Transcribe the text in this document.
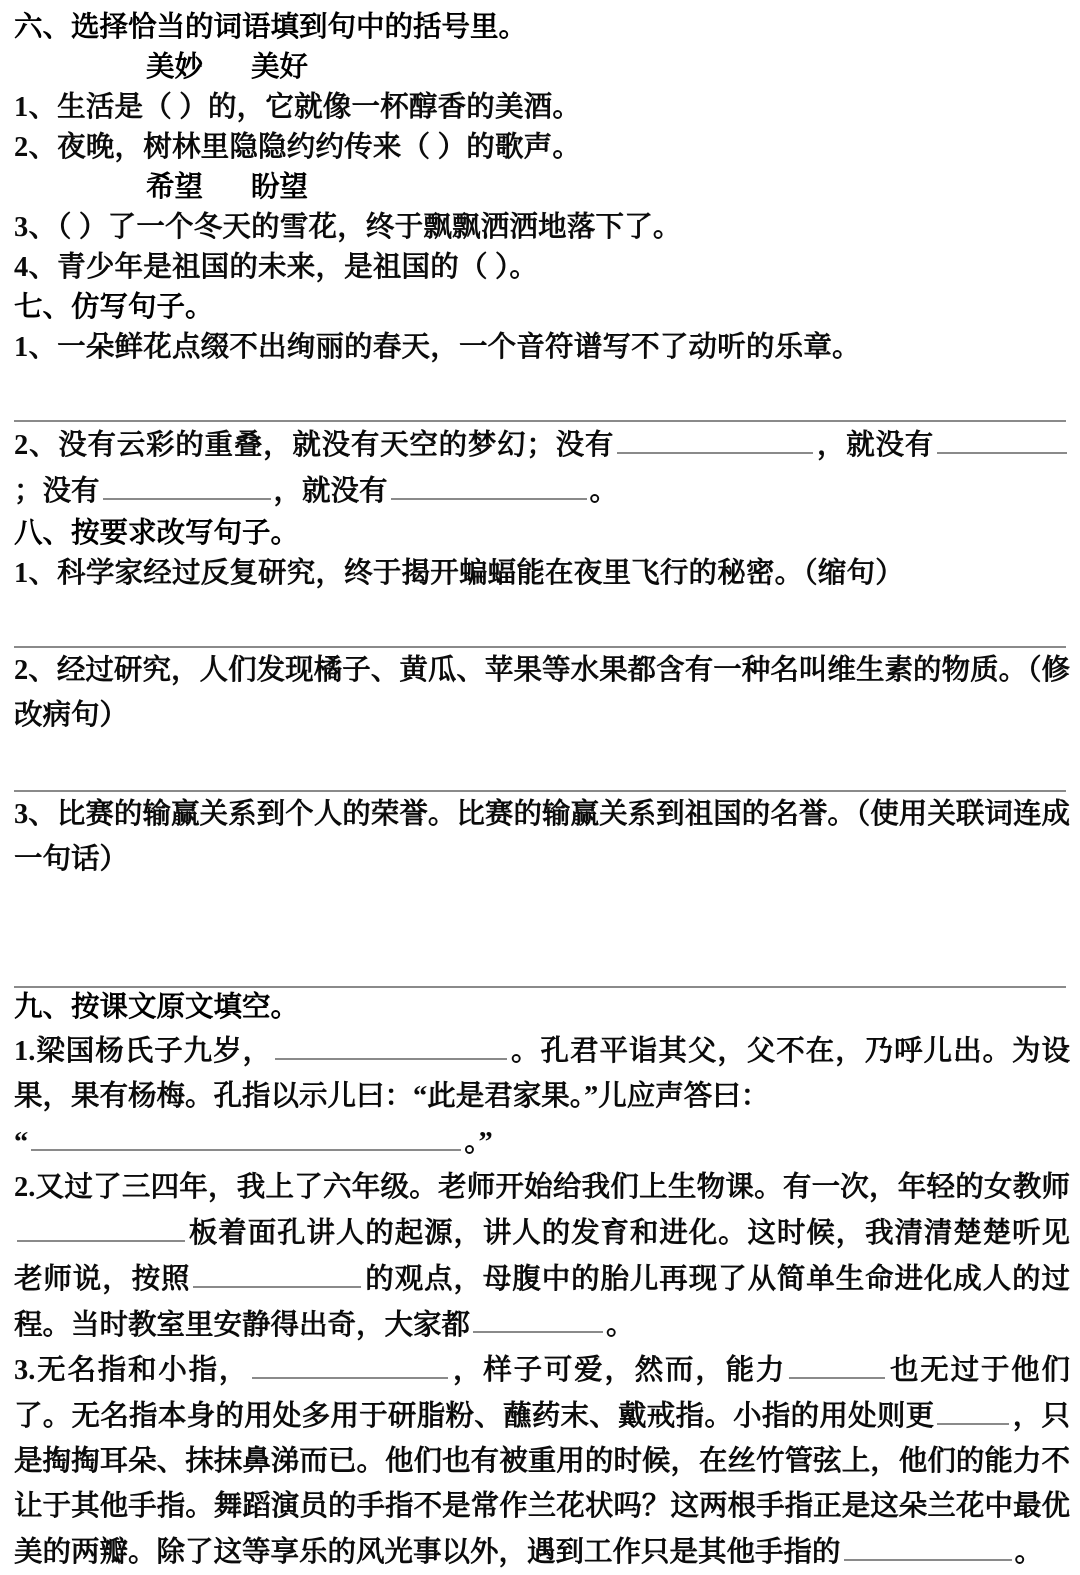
六、选择恰当的词语填到句中的括号里。
美妙 美好
1、生活是（ ）的，它就像一杯醇香的美酒。
2、夜晚，树林里隐隐约约传来（ ）的歌声。
希望 盼望
3、（ ）了一个冬天的雪花，终于飘飘洒洒地落下了。
4、青少年是祖国的未来，是祖国的（ ）。
七、仿写句子。
1、一朵鲜花点缀不出绚丽的春天，一个音符谱写不了动听的乐章。
2、没有云彩的重叠，就没有天空的梦幻；没有	，就没有；没有	，就没有	。
八、按要求改写句子。
1、科学家经过反复研究，终于揭开蝙蝠能在夜里飞行的秘密。（缩句）
2、经过研究，人们发现橘子、黄瓜、苹果等水果都含有一种名叫维生素的物质。（修改病句）
3、比赛的输赢关系到个人的荣誉。比赛的输赢关系到祖国的名誉。（使用关联词连成一句话）
九、按课文原文填空。
1.梁国杨氏子九岁，	。孔君平诣其父，父不在，乃呼儿出。为设果，果有杨梅。孔指以示儿曰：“此是君家果。”儿应声答曰：
“	。”
2.又过了三四年，我上了六年级。老师开始给我们上生物课。有一次，年轻的女教师板着面孔讲人的起源，讲人的发育和进化。这时候，我清清楚楚听见老师说，按照	的观点，母腹中的胎儿再现了从简单生命进化成人的过程。当时教室里安静得出奇，大家都	。
3.无名指和小指，	，样子可爱，然而，能力	也无过于他们了。无名指本身的用处多用于研脂粉、蘸药末、戴戒指。小指的用处则更	，只是掏掏耳朵、抹抹鼻涕而已。他们也有被重用的时候，在丝竹管弦上，他们的能力不让于其他手指。舞蹈演员的手指不是常作兰花状吗？这两根手指正是这朵兰花中最优美的两瓣。除了这等享乐的风光事以外，遇到工作只是其他手指的	。
